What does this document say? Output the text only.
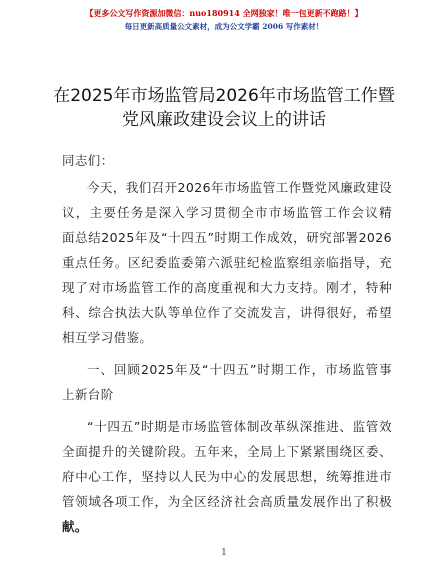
【更多公文写作资源加微信：nuo180914 全网独家！唯一包更新不跑路！】
每日更新高质量公文素材，成为公文学霸 2006 写作素材！
在2025年市场监管局2026年市场监管工作暨
党风廉政建设会议上的讲话
同志们：
今天，我们召开2026年市场监管工作暨党风廉政建设
议，主要任务是深入学习贯彻全市市场监管工作会议精
面总结2025年及“十四五”时期工作成效，研究部署2026
重点任务。区纪委监委第六派驻纪检监察组亲临指导，充
现了对市场监管工作的高度重视和大力支持。刚才，特种
科、综合执法大队等单位作了交流发言，讲得很好，希望
相互学习借鉴。
一、回顾2025年及“十四五”时期工作，市场监管事
上新台阶
“十四五”时期是市场监管体制改革纵深推进、监管效
全面提升的关键阶段。五年来，全局上下紧紧围绕区委、
府中心工作，坚持以人民为中心的发展思想，统筹推进市
管领域各项工作，为全区经济社会高质量发展作出了积极
献。
1
